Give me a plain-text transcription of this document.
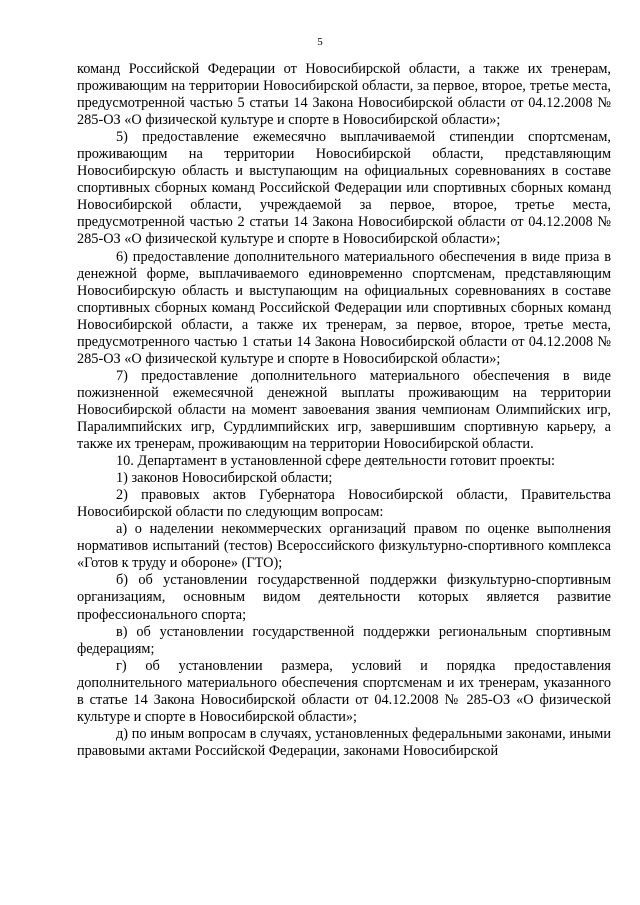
5

команд Российской Федерации от Новосибирской области, а также их тренерам, проживающим на территории Новосибирской области, за первое, второе, третье места, предусмотренной частью 5 статьи 14 Закона Новосибирской области от 04.12.2008 № 285-ОЗ «О физической культуре и спорте в Новосибирской области»;

5) предоставление ежемесячно выплачиваемой стипендии спортсменам, проживающим на территории Новосибирской области, представляющим Новосибирскую область и выступающим на официальных соревнованиях в составе спортивных сборных команд Российской Федерации или спортивных сборных команд Новосибирской области, учреждаемой за первое, второе, третье места, предусмотренной частью 2 статьи 14 Закона Новосибирской области от 04.12.2008 № 285-ОЗ «О физической культуре и спорте в Новосибирской области»;

6) предоставление дополнительного материального обеспечения в виде приза в денежной форме, выплачиваемого единовременно спортсменам, представляющим Новосибирскую область и выступающим на официальных соревнованиях в составе спортивных сборных команд Российской Федерации или спортивных сборных команд Новосибирской области, а также их тренерам, за первое, второе, третье места, предусмотренного частью 1 статьи 14 Закона Новосибирской области от 04.12.2008 № 285-ОЗ «О физической культуре и спорте в Новосибирской области»;

7) предоставление дополнительного материального обеспечения в виде пожизненной ежемесячной денежной выплаты проживающим на территории Новосибирской области на момент завоевания звания чемпионам Олимпийских игр, Паралимпийских игр, Сурдлимпийских игр, завершившим спортивную карьеру, а также их тренерам, проживающим на территории Новосибирской области.

10. Департамент в установленной сфере деятельности готовит проекты:

1) законов Новосибирской области;

2) правовых актов Губернатора Новосибирской области, Правительства Новосибирской области по следующим вопросам:

а) о наделении некоммерческих организаций правом по оценке выполнения нормативов испытаний (тестов) Всероссийского физкультурно-спортивного комплекса «Готов к труду и обороне» (ГТО);

б) об установлении государственной поддержки физкультурно-спортивным организациям, основным видом деятельности которых является развитие профессионального спорта;

в) об установлении государственной поддержки региональным спортивным федерациям;

г) об установлении размера, условий и порядка предоставления дополнительного материального обеспечения спортсменам и их тренерам, указанного в статье 14 Закона Новосибирской области от 04.12.2008 № 285-ОЗ «О физической культуре и спорте в Новосибирской области»;

д) по иным вопросам в случаях, установленных федеральными законами, иными правовыми актами Российской Федерации, законами Новосибирской
